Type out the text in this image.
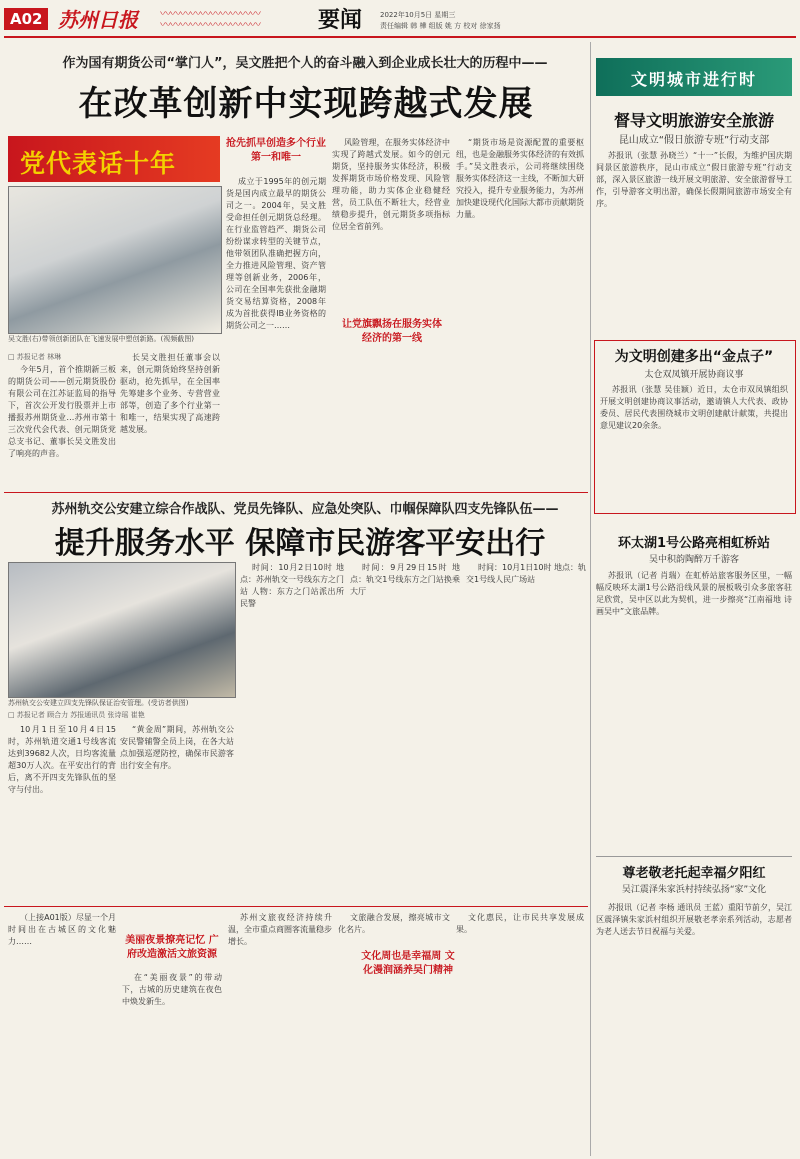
A02 苏州日报 〰〰〰〰〰〰〰〰〰〰
〰〰〰〰〰〰〰〰〰〰	要闻	2022年10月5日 星期三
责任编辑 韩 樺 组版 姚 方 校对 徐家扬
作为国有期货公司“掌门人”，吴文胜把个人的奋斗融入到企业成长壮大的历程中——
在改革创新中实现跨越式发展
党代表话十年
吴文胜(右)带领创新团队在飞速发展中塑创新路。(视频截图)
□ 苏报记者 林琳

今年5月，首个推期新三板的期货公司——创元期货股份有限公司在江苏证监局的指导下，首次公开发行股票并上市播报苏州期货业…苏州市第十三次党代会代表、创元期货党总支书记、董事长吴文胜发出了响亮的声音。

长吴文胜担任董事会以来，创元期货始终坚持创新驱动，抢先抓早，在全国率先筹建多个业务、专营营业部等，创造了多个行业第一和唯一，结果实现了高速跨越发展。

抢先抓早创造多个行业第一和唯一

成立于1995年的创元期货是国内成立最早的期货公司之一。2004年，吴文胜受命担任创元期货总经理。在行业监管趋严、期货公司纷纷谋求转型的关键节点，他带领团队准确把握方向，全力推进风险管理、资产管理等创新业务，2006年，公司在全国率先获批金融期货交易结算资格，2008年成为首批获得IB业务资格的期货公司之一……

风险管理，在服务实体经济中实现了跨越式发展。如今的创元期货，坚持服务实体经济，积极发挥期货市场价格发现、风险管理功能，助力实体企业稳健经营，员工队伍不断壮大，经营业绩稳步提升，创元期货多项指标位居全省前列。

让党旗飘扬在服务实体经济的第一线

“期货市场是资源配置的重要枢纽，也是金融服务实体经济的有效抓手。”吴文胜表示，公司将继续围绕服务实体经济这一主线，不断加大研究投入，提升专业服务能力，为苏州加快建设现代化国际大都市贡献期货力量。

苏州轨交公安建立综合作战队、党员先锋队、应急处突队、巾帼保障队四支先锋队伍——
提升服务水平 保障市民游客平安出行
苏州轨交公安建立四支先锋队保证治安管理。(受访者供图)
□ 苏报记者 顾合力 苏报通讯员 张诗瑶 崔艳

10月1日至10月4日15时，苏州轨道交通1号线客流达到39682人次，日均客流量超30万人次。在平安出行的背后，离不开四支先锋队伍的坚守与付出。

“黄金周”期间，苏州轨交公安民警辅警全员上岗，在各大站点加强巡逻防控，确保市民游客出行安全有序。

时间：10月2日10时 地点：苏州轨交一号线东方之门站 人物：东方之门站派出所民警

时间：9月29日15时 地点：轨交1号线东方之门站换乘大厅

时间：10月1日10时 地点：轨交1号线人民广场站

（上接A01版）尽显一个月时间出在古城区的文化魅力……	美丽夜景撩亮记忆 广府改造激活文旅资源

在“美丽夜景”的带动下，古城的历史建筑在夜色中焕发新生。

苏州文旅夜经济持续升温，全市重点商圈客流量稳步增长。

文旅融合发展，擦亮城市文化名片。

文化周也是幸福周 文化漫润涵养吴门精神

文化惠民，让市民共享发展成果。

文明城市进行时
督导文明旅游安全旅游
昆山成立“假日旅游专班”行动支部

苏报讯（张慧 孙晓兰）“十一”长假，为维护国庆期间景区旅游秩序，昆山市成立“假日旅游专班”行动支部，深入景区旅游一线开展文明旅游、安全旅游督导工作，引导游客文明出游，确保长假期间旅游市场安全有序。

为文明创建多出“金点子”
太仓双凤镇开展协商议事

苏报讯（张慧 吴佳颖）近日，太仓市双凤镇组织开展文明创建协商议事活动，邀请镇人大代表、政协委员、居民代表围绕城市文明创建献计献策，共提出意见建议20余条。

环太湖1号公路亮相虹桥站
吴中积韵陶醉万千游客

苏报讯（记者 肖瑞）在虹桥站旅客服务区里，一幅幅反映环太湖1号公路沿线风景的展板吸引众多旅客驻足欣赏，吴中区以此为契机，进一步擦亮“江南福地 诗画吴中”文旅品牌。

尊老敬老托起幸福夕阳红
吴江震泽朱家浜村持续弘扬“家”文化

苏报讯（记者 李杨 通讯员 王蓝）重阳节前夕，吴江区震泽镇朱家浜村组织开展敬老孝亲系列活动，志愿者为老人送去节日祝福与关爱。
